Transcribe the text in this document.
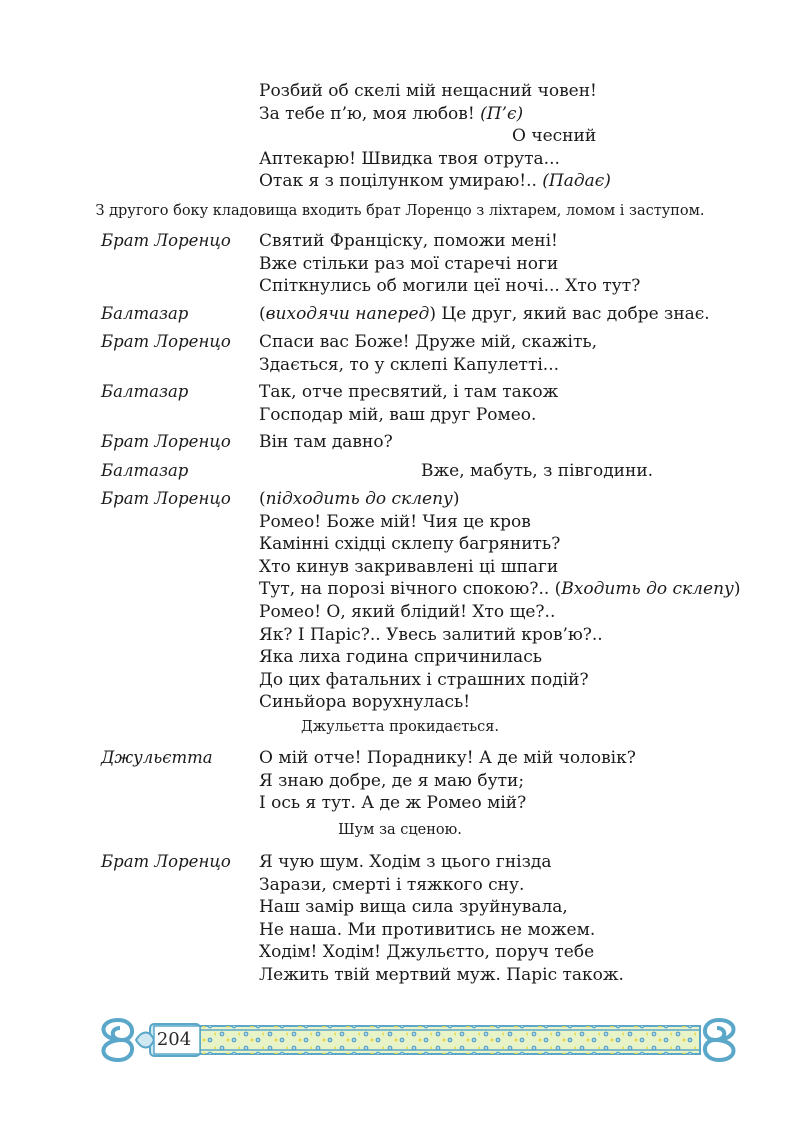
Розбий об скелі мій нещасний човен!
За тебе п’ю, моя любов! (П’є)
О чесний
Аптекарю! Швидка твоя отрута...
Отак я з поцілунком умираю!.. (Падає)
З другого боку кладовища входить брат Лоренцо з ліхтарем, ломом і заступом.
Брат Лоренцо	Святий Франціску, поможи мені!
Вже стільки раз мої старечі ноги
Спіткнулись об могили цеї ночі... Хто тут?
Балтазар	(виходячи наперед) Це друг, який вас добре знає.
Брат Лоренцо	Спаси вас Боже! Друже мій, скажіть,
Здається, то у склепі Капулетті...
Балтазар	Так, отче пресвятий, і там також
Господар мій, ваш друг Ромео.
Брат Лоренцо	Він там давно?
Балтазар	Вже, мабуть, з півгодини.
Брат Лоренцо	(підходить до склепу)
Ромео! Боже мій! Чия це кров
Камінні східці склепу багрянить?
Хто кинув закривавлені ці шпаги
Тут, на порозі вічного спокою?.. (Входить до склепу)
Ромео! О, який блідий! Хто ще?..
Як? І Паріс?.. Увесь залитий кров’ю?..
Яка лиха година спричинилась
До цих фатальних і страшних подій?
Синьйора ворухнулась!
Джульєтта прокидається.
Джульєтта	О мій отче! Пораднику! А де мій чоловік?
Я знаю добре, де я маю бути;
І ось я тут. А де ж Ромео мій?
Шум за сценою.
Брат Лоренцо	Я чую шум. Ходім з цього гнізда
Зарази, смерті і тяжкого сну.
Наш замір вища сила зруйнувала,
Не наша. Ми противитись не можем.
Ходім! Ходім! Джульєтто, поруч тебе
Лежить твій мертвий муж. Паріс також.
204
